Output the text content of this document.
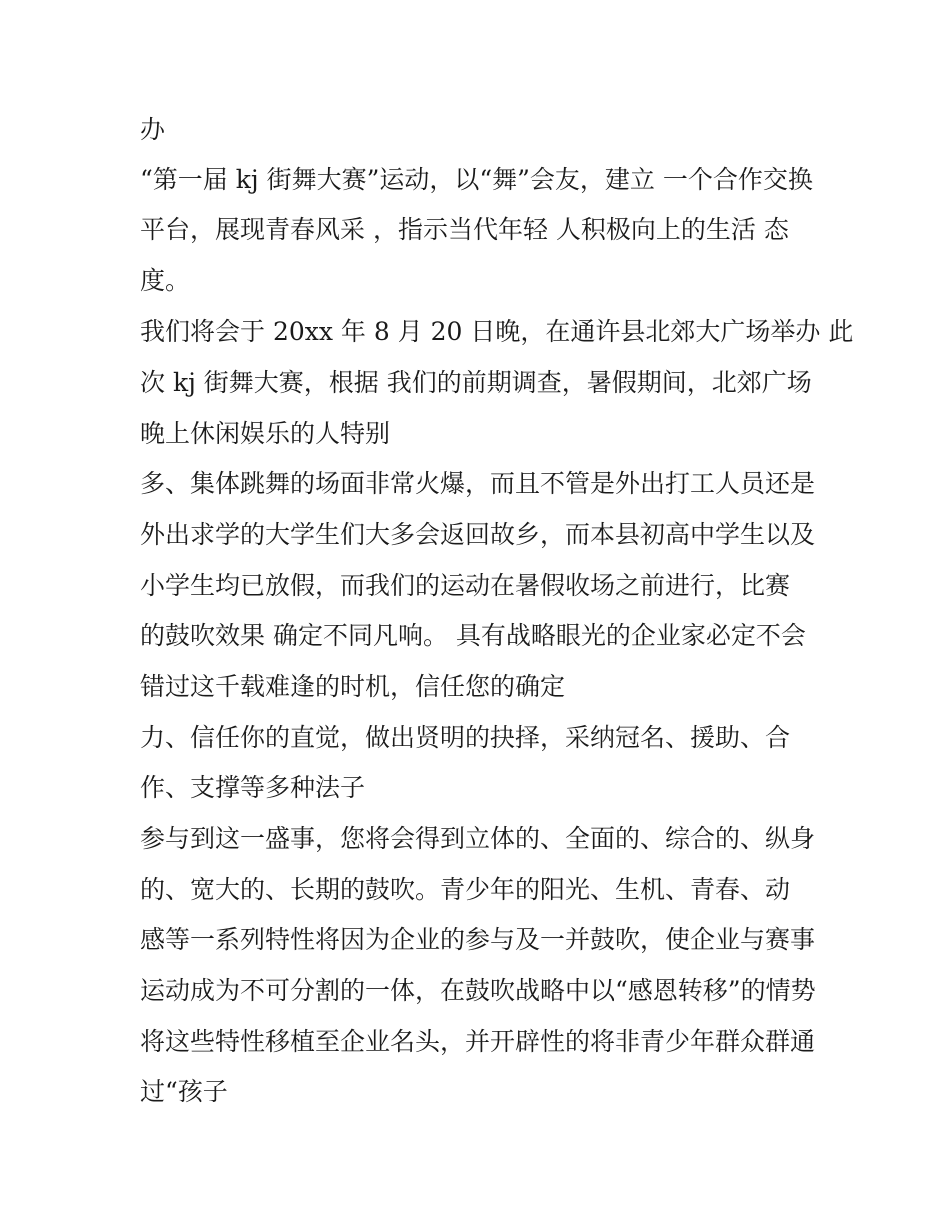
办
“第一届 kj 街舞大赛”运动，以“舞”会友，建立 一个合作交换
平台，展现青春风采 ，指示当代年轻 人积极向上的生活 态
度。
我们将会于 20xx 年 8 月 20 日晚，在通许县北郊大广场举办 此
次 kj 街舞大赛，根据 我们的前期调查，暑假期间，北郊广场
晚上休闲娱乐的人特别
多、集体跳舞的场面非常火爆，而且不管是外出打工人员还是
外出求学的大学生们大多会返回故乡，而本县初高中学生以及
小学生均已放假，而我们的运动在暑假收场之前进行，比赛
的鼓吹效果 确定不同凡响。 具有战略眼光的企业家必定不会
错过这千载难逢的时机，信任您的确定
力、信任你的直觉，做出贤明的抉择，采纳冠名、援助、合
作、支撑等多种法子
参与到这一盛事，您将会得到立体的、全面的、综合的、纵身
的、宽大的、长期的鼓吹。青少年的阳光、生机、青春、动
感等一系列特性将因为企业的参与及一并鼓吹，使企业与赛事
运动成为不可分割的一体，在鼓吹战略中以“感恩转移”的情势
将这些特性移植至企业名头，并开辟性的将非青少年群众群通
过“孩子
